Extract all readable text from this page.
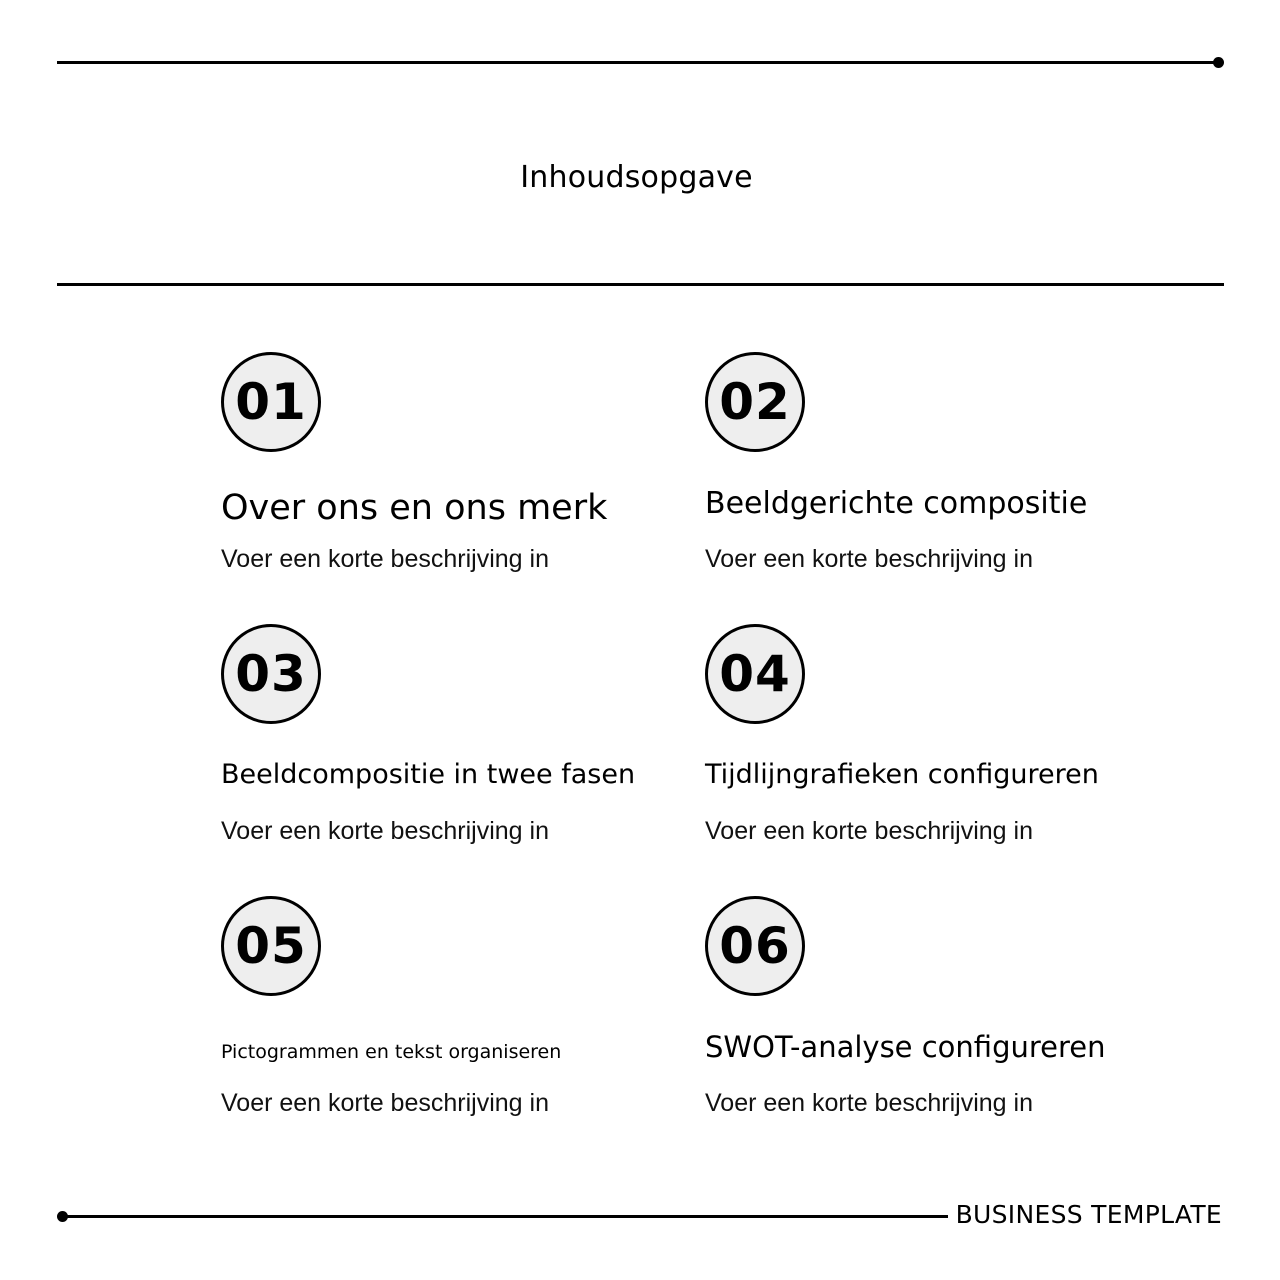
Inhoudsopgave
01
Over ons en ons merk
Voer een korte beschrijving in
02
Beeldgerichte compositie
Voer een korte beschrijving in
03
Beeldcompositie in twee fasen
Voer een korte beschrijving in
04
Tijdlijngrafieken configureren
Voer een korte beschrijving in
05
Pictogrammen en tekst organiseren
Voer een korte beschrijving in
06
SWOT-analyse configureren
Voer een korte beschrijving in
BUSINESS TEMPLATE
